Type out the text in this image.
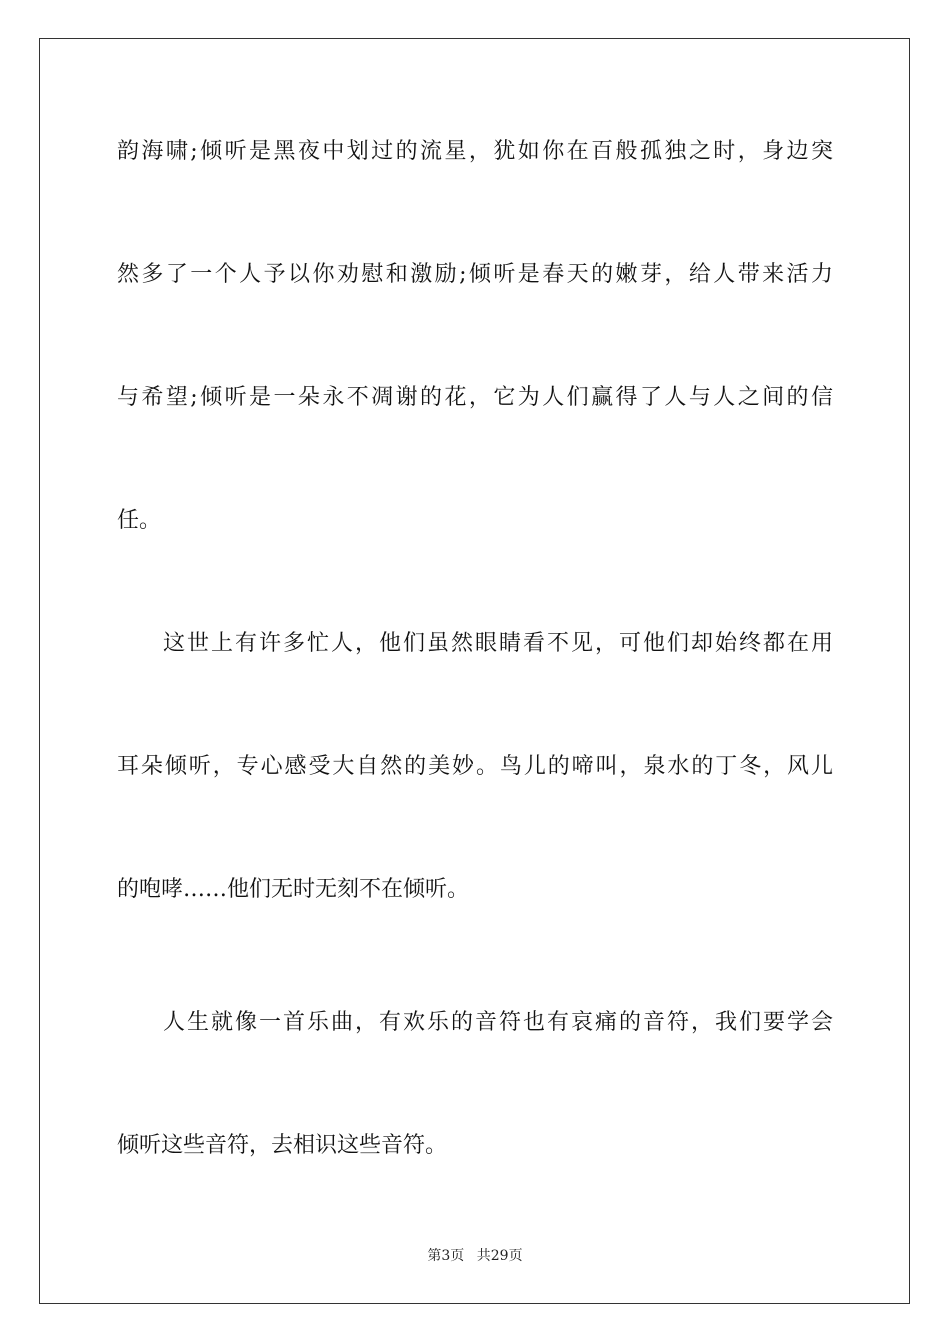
韵海啸;倾听是黑夜中划过的流星，犹如你在百般孤独之时，身边突
然多了一个人予以你劝慰和激励;倾听是春天的嫩芽，给人带来活力
与希望;倾听是一朵永不凋谢的花，它为人们赢得了人与人之间的信
任。
这世上有许多忙人，他们虽然眼睛看不见，可他们却始终都在用
耳朵倾听，专心感受大自然的美妙。鸟儿的啼叫，泉水的丁冬，风儿
的咆哮……他们无时无刻不在倾听。
人生就像一首乐曲，有欢乐的音符也有哀痛的音符，我们要学会
倾听这些音符，去相识这些音符。
第3页 共29页
